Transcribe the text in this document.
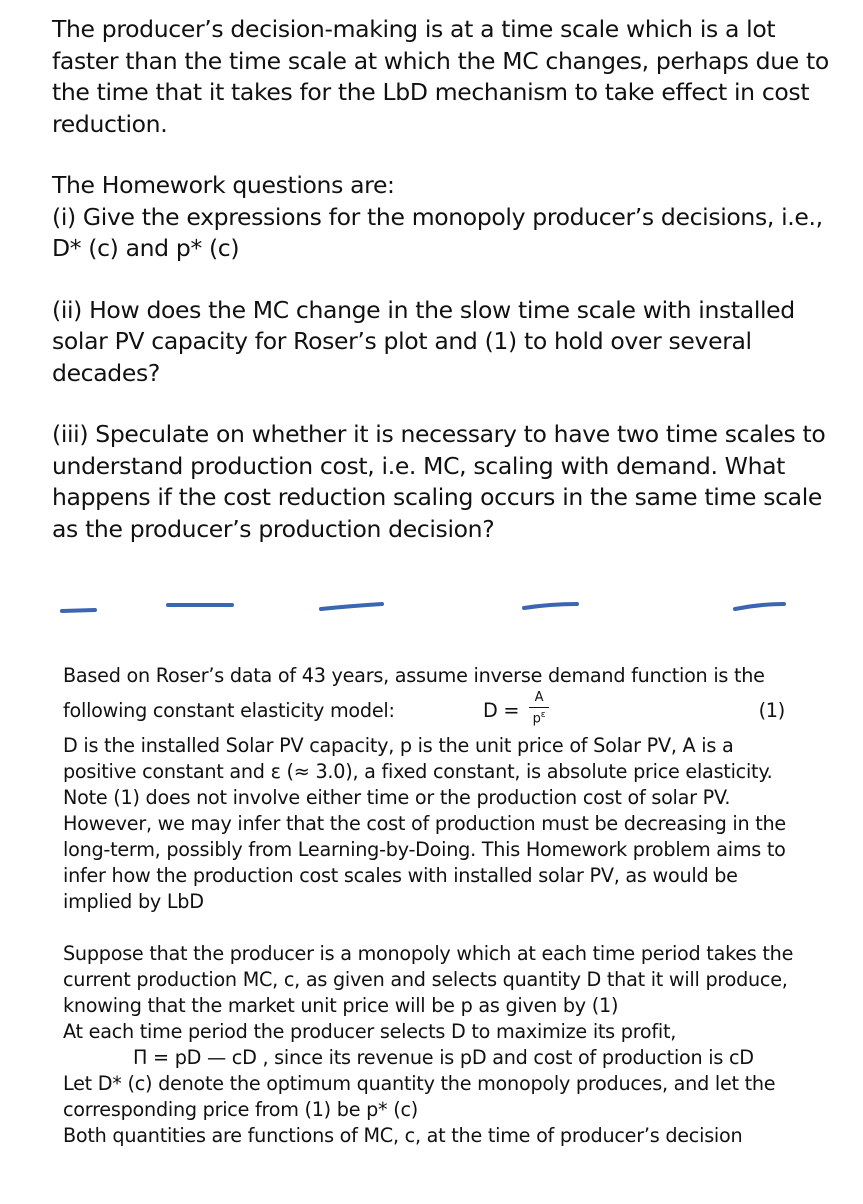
The producer’s decision-making is at a time scale which is a lot faster than the time scale at which the MC changes, perhaps due to the time that it takes for the LbD mechanism to take effect in cost reduction.

The Homework questions are:

(i) Give the expressions for the monopoly producer’s decisions, i.e., D* (c) and p* (c)

(ii) How does the MC change in the slow time scale with installed solar PV capacity for Roser’s plot and (1) to hold over several decades?

(iii) Speculate on whether it is necessary to have two time scales to understand production cost, i.e. MC, scaling with demand. What happens if the cost reduction scaling occurs in the same time scale as the producer’s production decision?

Based on Roser’s data of 43 years, assume inverse demand function is the

following constant elasticity model:	D =
A
$p^\varepsilon$	(1)

D is the installed Solar PV capacity, p is the unit price of Solar PV, A is a positive constant and ε (≈ 3.0), a fixed constant, is absolute price elasticity. Note (1) does not involve either time or the production cost of solar PV. However, we may infer that the cost of production must be decreasing in the long-term, possibly from Learning-by-Doing. This Homework problem aims to infer how the production cost scales with installed solar PV, as would be implied by LbD

Suppose that the producer is a monopoly which at each time period takes the current production MC, c, as given and selects quantity D that it will produce, knowing that the market unit price will be p as given by (1)

At each time period the producer selects D to maximize its profit,

Π = pD — cD , since its revenue is pD and cost of production is cD

Let D* (c) denote the optimum quantity the monopoly produces, and let the corresponding price from (1) be p* (c)

Both quantities are functions of MC, c, at the time of producer’s decision
